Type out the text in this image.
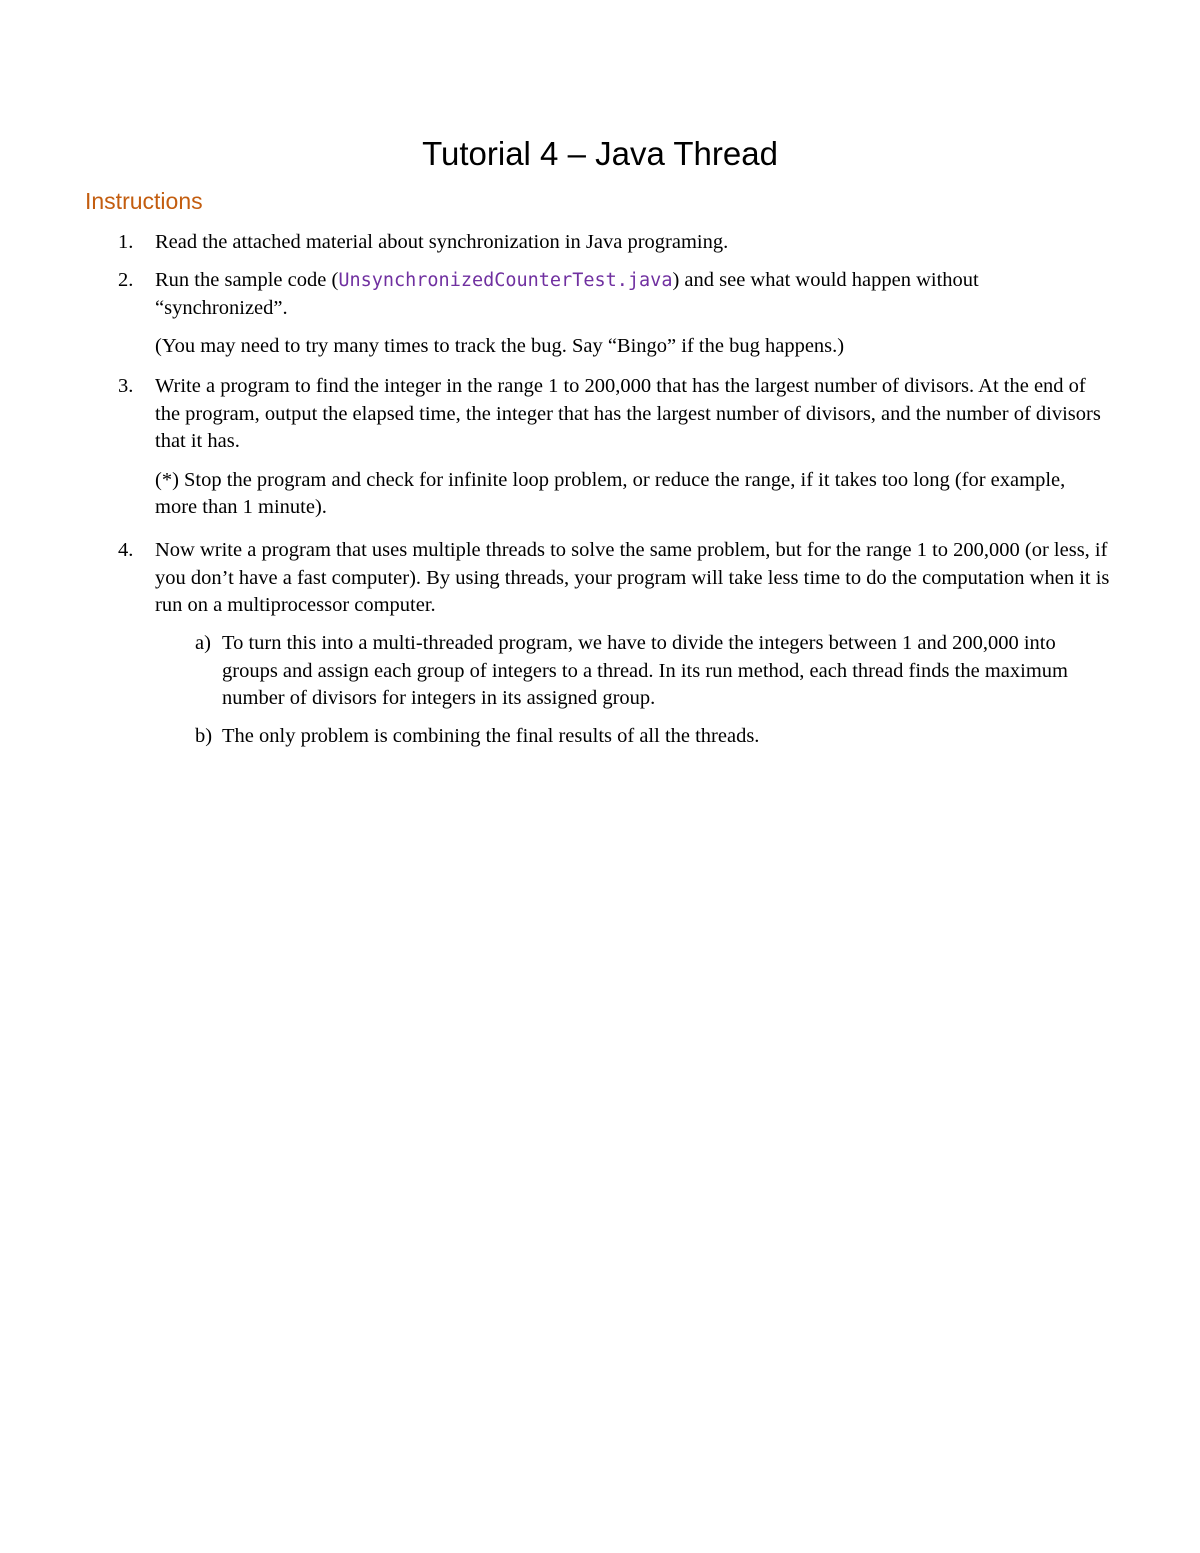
Tutorial 4 – Java Thread
Instructions
1.	Read the attached material about synchronization in Java programing.
2.	Run the sample code (UnsynchronizedCounterTest.java) and see what would happen without “synchronized”.
(You may need to try many times to track the bug. Say “Bingo” if the bug happens.)
3.	Write a program to find the integer in the range 1 to 200,000 that has the largest number of divisors. At the end of the program, output the elapsed time, the integer that has the largest number of divisors, and the number of divisors that it has.
(*) Stop the program and check for infinite loop problem, or reduce the range, if it takes too long (for example, more than 1 minute).
4.	Now write a program that uses multiple threads to solve the same problem, but for the range 1 to 200,000 (or less, if you don’t have a fast computer). By using threads, your program will take less time to do the computation when it is run on a multiprocessor computer.
a) To turn this into a multi-threaded program, we have to divide the integers between 1 and 200,000 into groups and assign each group of integers to a thread. In its run method, each thread finds the maximum number of divisors for integers in its assigned group.
b) The only problem is combining the final results of all the threads.
